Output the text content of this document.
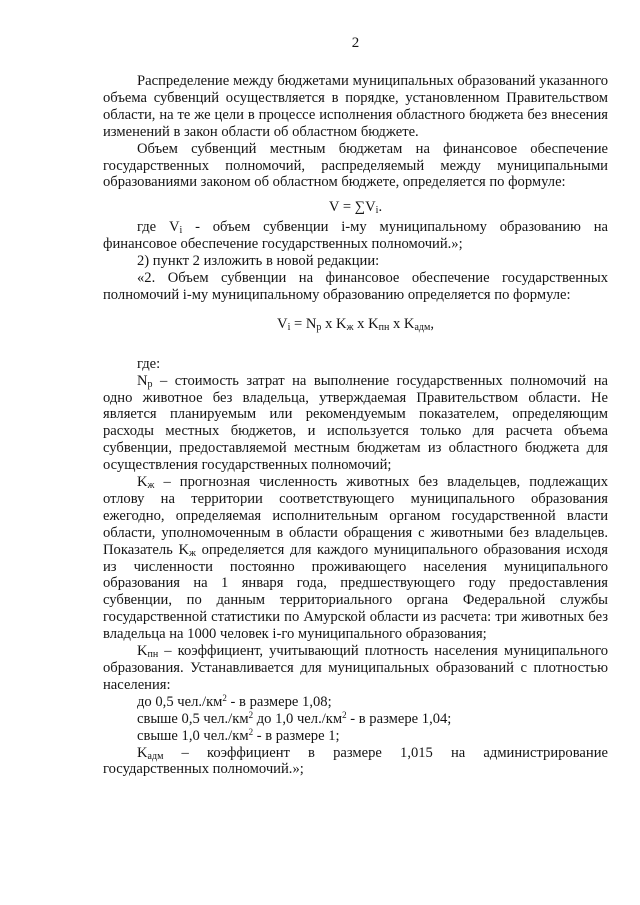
2

Распределение между бюджетами муниципальных образований указанного объема субвенций осуществляется в порядке, установленном Правительством области, на те же цели в процессе исполнения областного бюджета без внесения изменений в закон области об областном бюджете.

Объем субвенций местным бюджетам на финансовое обеспечение государственных полномочий, распределяемый между муниципальными образованиями законом об областном бюджете, определяется по формуле:

$V = \sum V_i$.

где $V_i$ - объем субвенции i-му муниципальному образованию на финансовое обеспечение государственных полномочий.»;

2) пункт 2 изложить в новой редакции:

«2. Объем субвенции на финансовое обеспечение государственных полномочий i-му муниципальному образованию определяется по формуле:

$V_i = N_р$ x $K_ж$ x $K_{пн}$ x $K_{адм}$,

где:

$N_р$ – стоимость затрат на выполнение государственных полномочий на одно животное без владельца, утверждаемая Правительством области. Не является планируемым или рекомендуемым показателем, определяющим расходы местных бюджетов, и используется только для расчета объема субвенции, предоставляемой местным бюджетам из областного бюджета для осуществления государственных полномочий;

$K_ж$ – прогнозная численность животных без владельцев, подлежащих отлову на территории соответствующего муниципального образования ежегодно, определяемая исполнительным органом государственной власти области, уполномоченным в области обращения с животными без владельцев. Показатель $K_ж$ определяется для каждого муниципального образования исходя из численности постоянно проживающего населения муниципального образования на 1 января года, предшествующего году предоставления субвенции, по данным территориального органа Федеральной службы государственной статистики по Амурской области из расчета: три животных без владельца на 1000 человек i-го муниципального образования;

$K_{пн}$ – коэффициент, учитывающий плотность населения муниципального образования. Устанавливается для муниципальных образований с плотностью населения:

до 0,5 $чел./км^2$ - в размере 1,08;

свыше 0,5 $чел./км^2$ до 1,0 $чел./км^2$ - в размере 1,04;

свыше 1,0 $чел./км^2$ - в размере 1;

$K_{адм}$ – коэффициент в размере 1,015 на администрирование государственных полномочий.»;
